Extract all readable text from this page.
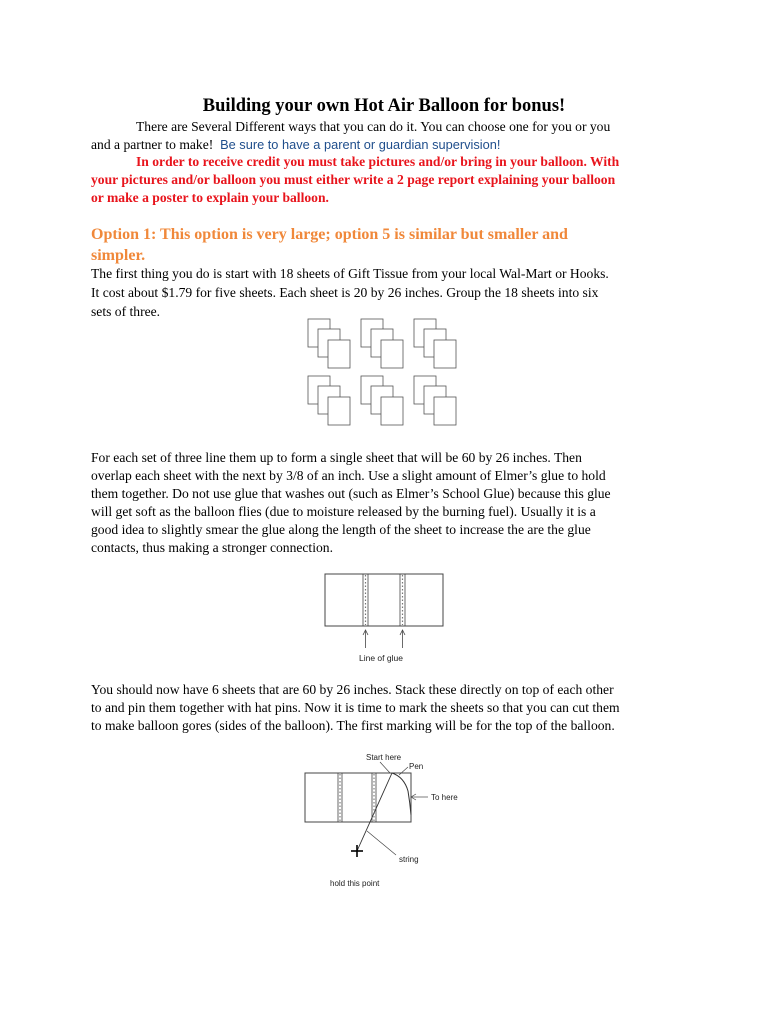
Building your own Hot Air Balloon for bonus!
There are Several Different ways that you can do it. You can choose one for you or you
and a partner to make! Be sure to have a parent or guardian supervision!
In order to receive credit you must take pictures and/or bring in your balloon. With
your pictures and/or balloon you must either write a 2 page report explaining your balloon
or make a poster to explain your balloon.
Option 1: This option is very large; option 5 is similar but smaller and
simpler.
The first thing you do is start with 18 sheets of Gift Tissue from your local Wal-Mart or Hooks.
It cost about $1.79 for five sheets. Each sheet is 20 by 26 inches. Group the 18 sheets into six
sets of three.
For each set of three line them up to form a single sheet that will be 60 by 26 inches. Then
overlap each sheet with the next by 3/8 of an inch. Use a slight amount of Elmer’s glue to hold
them together. Do not use glue that washes out (such as Elmer’s School Glue) because this glue
will get soft as the balloon flies (due to moisture released by the burning fuel). Usually it is a
good idea to slightly smear the glue along the length of the sheet to increase the are the glue
contacts, thus making a stronger connection.
Line of glue
You should now have 6 sheets that are 60 by 26 inches. Stack these directly on top of each other
to and pin them together with hat pins. Now it is time to mark the sheets so that you can cut them
to make balloon gores (sides of the balloon). The first marking will be for the top of the balloon.
Start here
Pen
To here
string
hold this point
